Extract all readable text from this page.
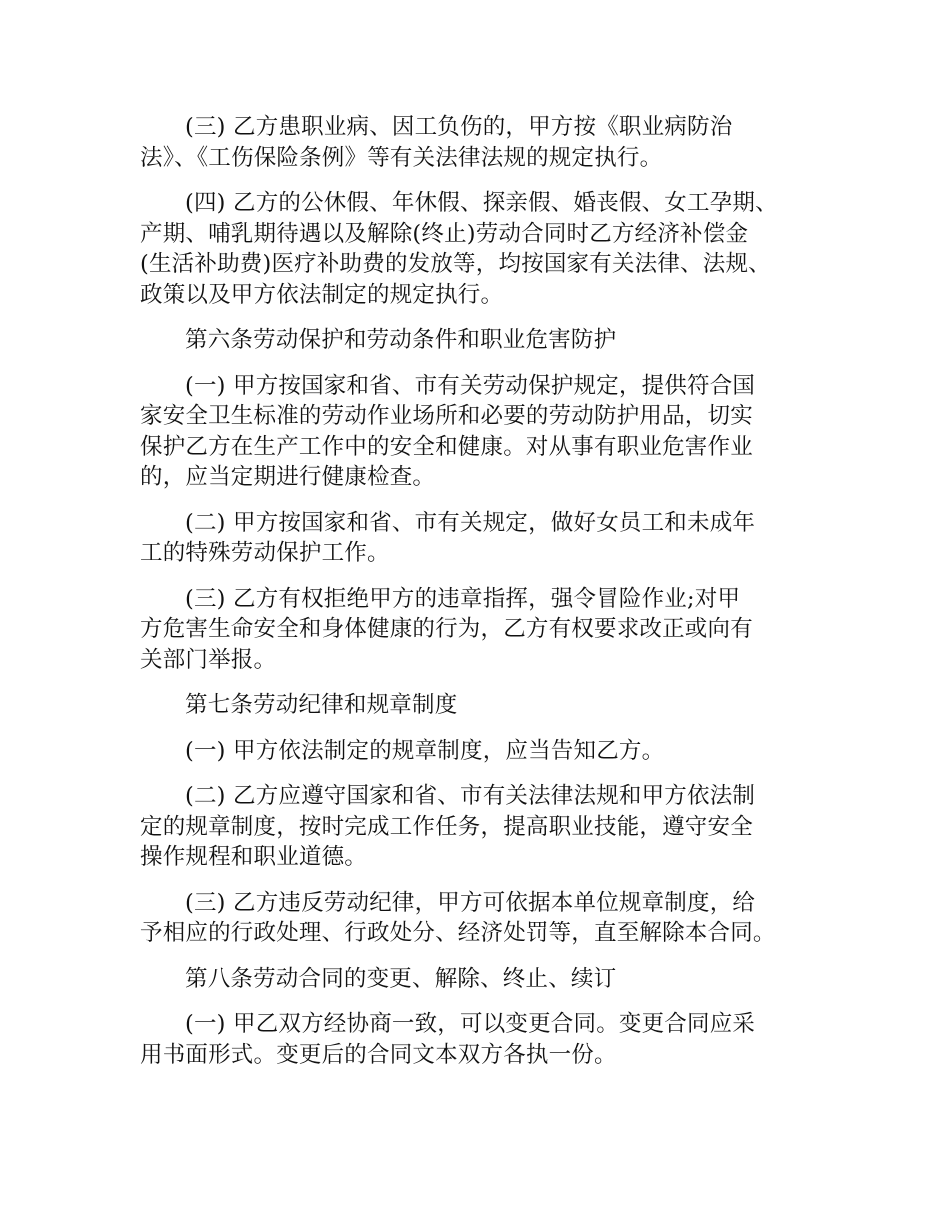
(三) 乙方患职业病、因工负伤的，甲方按《职业病防治
法》、《工伤保险条例》等有关法律法规的规定执行。

(四) 乙方的公休假、年休假、探亲假、婚丧假、女工孕期、
产期、哺乳期待遇以及解除(终止)劳动合同时乙方经济补偿金
(生活补助费)医疗补助费的发放等，均按国家有关法律、法规、
政策以及甲方依法制定的规定执行。

第六条劳动保护和劳动条件和职业危害防护

(一) 甲方按国家和省、市有关劳动保护规定，提供符合国
家安全卫生标准的劳动作业场所和必要的劳动防护用品，切实
保护乙方在生产工作中的安全和健康。对从事有职业危害作业
的，应当定期进行健康检查。

(二) 甲方按国家和省、市有关规定，做好女员工和未成年
工的特殊劳动保护工作。

(三) 乙方有权拒绝甲方的违章指挥，强令冒险作业;对甲
方危害生命安全和身体健康的行为，乙方有权要求改正或向有
关部门举报。

第七条劳动纪律和规章制度

(一) 甲方依法制定的规章制度，应当告知乙方。

(二) 乙方应遵守国家和省、市有关法律法规和甲方依法制
定的规章制度，按时完成工作任务，提高职业技能，遵守安全
操作规程和职业道德。

(三) 乙方违反劳动纪律，甲方可依据本单位规章制度，给
予相应的行政处理、行政处分、经济处罚等，直至解除本合同。

第八条劳动合同的变更、解除、终止、续订

(一) 甲乙双方经协商一致，可以变更合同。变更合同应采
用书面形式。变更后的合同文本双方各执一份。
